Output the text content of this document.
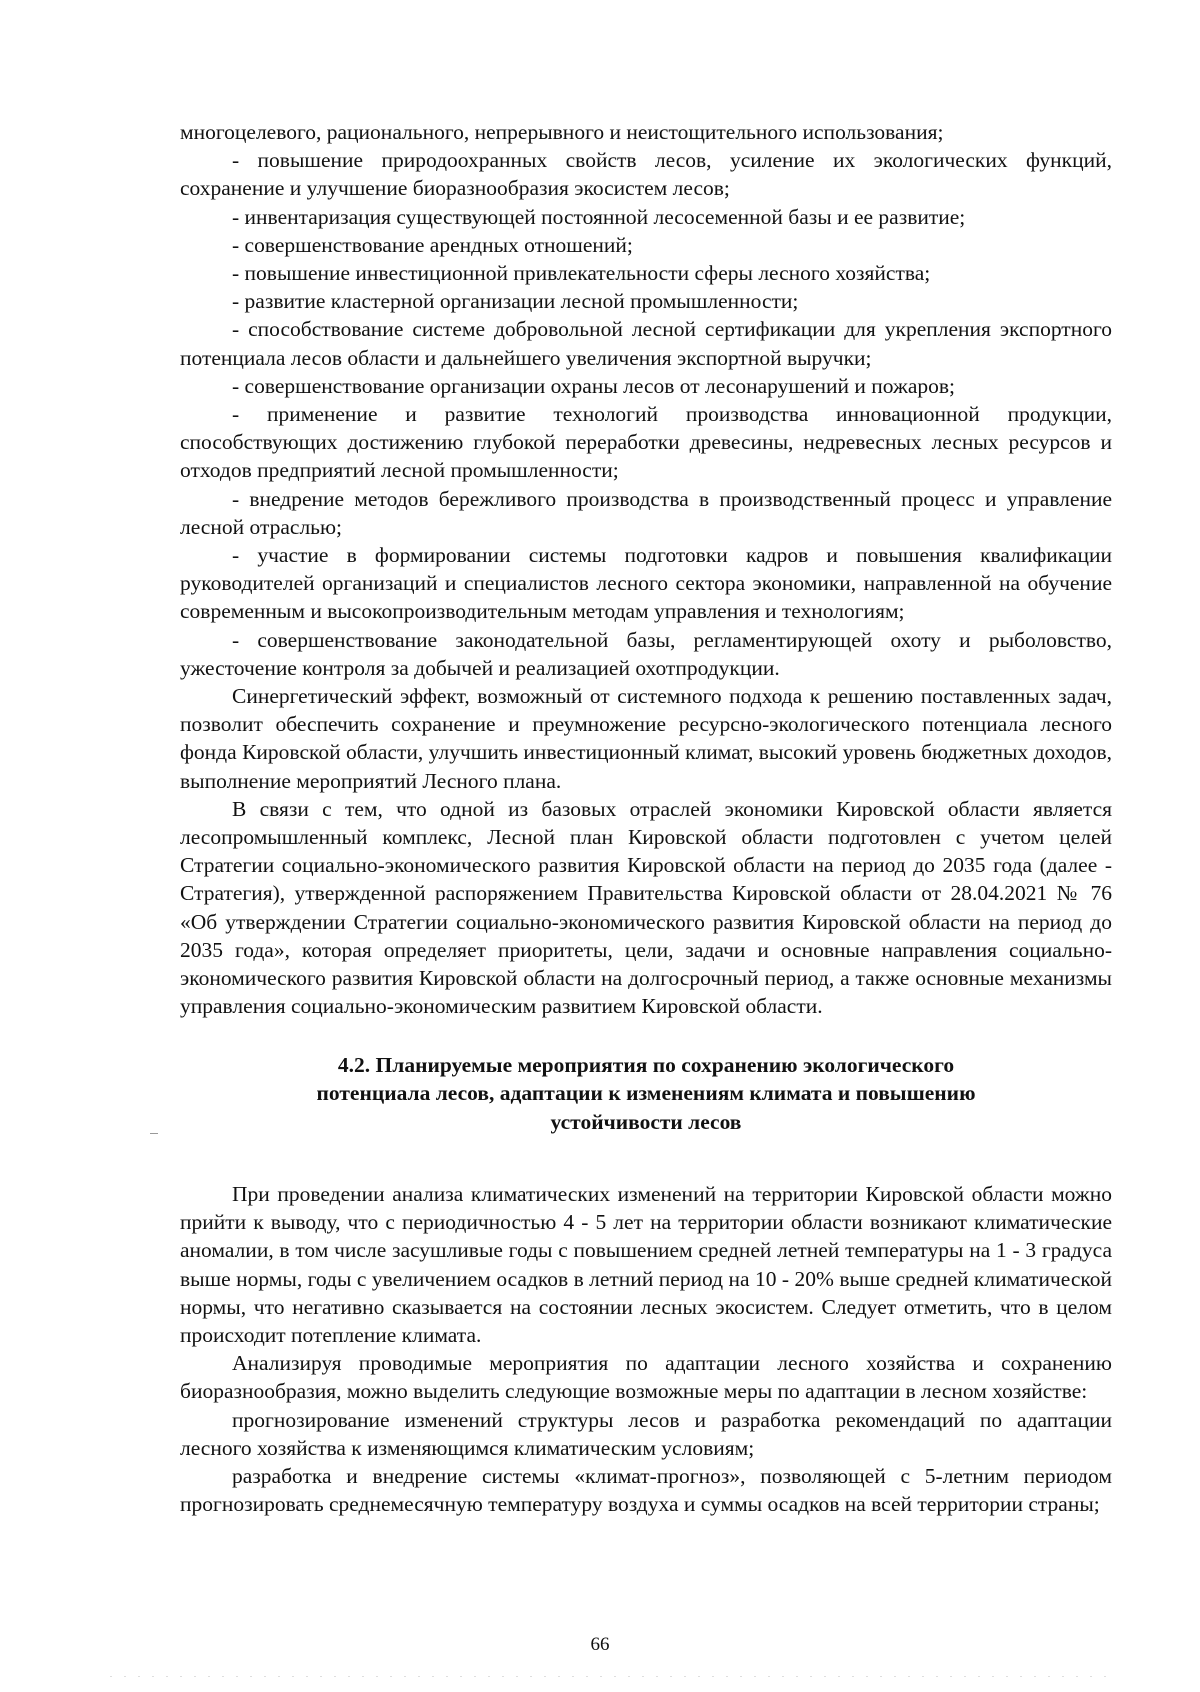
многоцелевого, рационального, непрерывного и неистощительного использования;

- повышение природоохранных свойств лесов, усиление их экологических функций, сохранение и улучшение биоразнообразия экосистем лесов;

- инвентаризация существующей постоянной лесосеменной базы и ее развитие;

- совершенствование арендных отношений;

- повышение инвестиционной привлекательности сферы лесного хозяйства;

- развитие кластерной организации лесной промышленности;

- способствование системе добровольной лесной сертификации для укрепления экспортного потенциала лесов области и дальнейшего увеличения экспортной выручки;

- совершенствование организации охраны лесов от лесонарушений и пожаров;

- применение и развитие технологий производства инновационной продукции, способствующих достижению глубокой переработки древесины, недревесных лесных ресурсов и отходов предприятий лесной промышленности;

- внедрение методов бережливого производства в производственный процесс и управление лесной отраслью;

- участие в формировании системы подготовки кадров и повышения квалификации руководителей организаций и специалистов лесного сектора экономики, направленной на обучение современным и высокопроизводительным методам управления и технологиям;

- совершенствование законодательной базы, регламентирующей охоту и рыболовство, ужесточение контроля за добычей и реализацией охотпродукции.

Синергетический эффект, возможный от системного подхода к решению поставленных задач, позволит обеспечить сохранение и преумножение ресурсно-экологического потенциала лесного фонда Кировской области, улучшить инвестиционный климат, высокий уровень бюджетных доходов, выполнение мероприятий Лесного плана.

В связи с тем, что одной из базовых отраслей экономики Кировской области является лесопромышленный комплекс, Лесной план Кировской области подготовлен с учетом целей Стратегии социально-экономического развития Кировской области на период до 2035 года (далее - Стратегия), утвержденной распоряжением Правительства Кировской области от 28.04.2021 № 76 «Об утверждении Стратегии социально-экономического развития Кировской области на период до 2035 года», которая определяет приоритеты, цели, задачи и основные направления социально-экономического развития Кировской области на долгосрочный период, а также основные механизмы управления социально-экономическим развитием Кировской области.

4.2. Планируемые мероприятия по сохранению экологического
потенциала лесов, адаптации к изменениям климата и повышению
устойчивости лесов

При проведении анализа климатических изменений на территории Кировской области можно прийти к выводу, что с периодичностью 4 - 5 лет на территории области возникают климатические аномалии, в том числе засушливые годы с повышением средней летней температуры на 1 - 3 градуса выше нормы, годы с увеличением осадков в летний период на 10 - 20% выше средней климатической нормы, что негативно сказывается на состоянии лесных экосистем. Следует отметить, что в целом происходит потепление климата.

Анализируя проводимые мероприятия по адаптации лесного хозяйства и сохранению биоразнообразия, можно выделить следующие возможные меры по адаптации в лесном хозяйстве:

прогнозирование изменений структуры лесов и разработка рекомендаций по адаптации лесного хозяйства к изменяющимся климатическим условиям;

разработка и внедрение системы «климат-прогноз», позволяющей с 5-летним периодом прогнозировать среднемесячную температуру воздуха и суммы осадков на всей территории страны;

66
